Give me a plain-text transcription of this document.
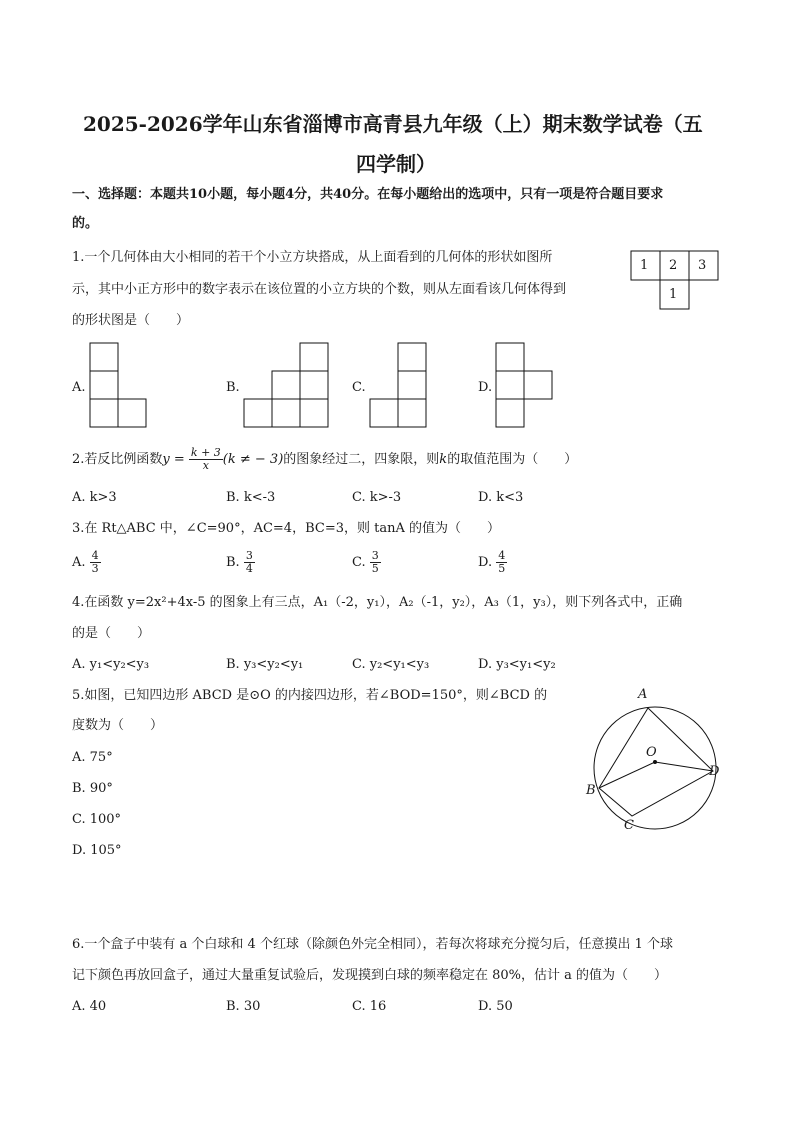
2025-2026学年山东省淄博市高青县九年级（上）期末数学试卷（五
四学制）
一、选择题：本题共10小题，每小题4分，共40分。在每小题给出的选项中，只有一项是符合题目要求
的。
1.一个几何体由大小相同的若干个小立方块搭成，从上面看到的几何体的形状如图所
示，其中小正方形中的数字表示在该位置的小立方块的个数，则从左面看该几何体得到
的形状图是（　　）
1 2 3
1
A.	B.	C.	D.
2.若反比例函数$y = \frac{k + 3}{x} (k$ ≠ − 3)的图象经过二，四象限，则k的取值范围为（　　）
A. k>3	B. k<-3	C. k>-3	D. k<3
3.在 Rt△ABC 中，∠C=90°，AC=4，BC=3，则 tanA 的值为（　　）
A. $\frac{4}{3}$	B. $\frac{3}{4}$	C. $\frac{3}{5}$	D. $\frac{4}{5}$
4.在函数 y=2x²+4x-5 的图象上有三点，A₁（-2，y₁），A₂（-1，y₂），A₃（1，y₃），则下列各式中，正确
的是（　　）
A. y₁<y₂<y₃	B. y₃<y₂<y₁	C. y₂<y₁<y₃	D. y₃<y₁<y₂
5.如图，已知四边形 ABCD 是⊙O 的内接四边形，若∠BOD=150°，则∠BCD 的
度数为（　　）
A. 75°
B. 90°
C. 100°
D. 105°
A
O
B
C
D
6.一个盒子中装有 a 个白球和 4 个红球（除颜色外完全相同），若每次将球充分搅匀后，任意摸出 1 个球
记下颜色再放回盒子，通过大量重复试验后，发现摸到白球的频率稳定在 80%，估计 a 的值为（　　）
A. 40	B. 30	C. 16	D. 50
